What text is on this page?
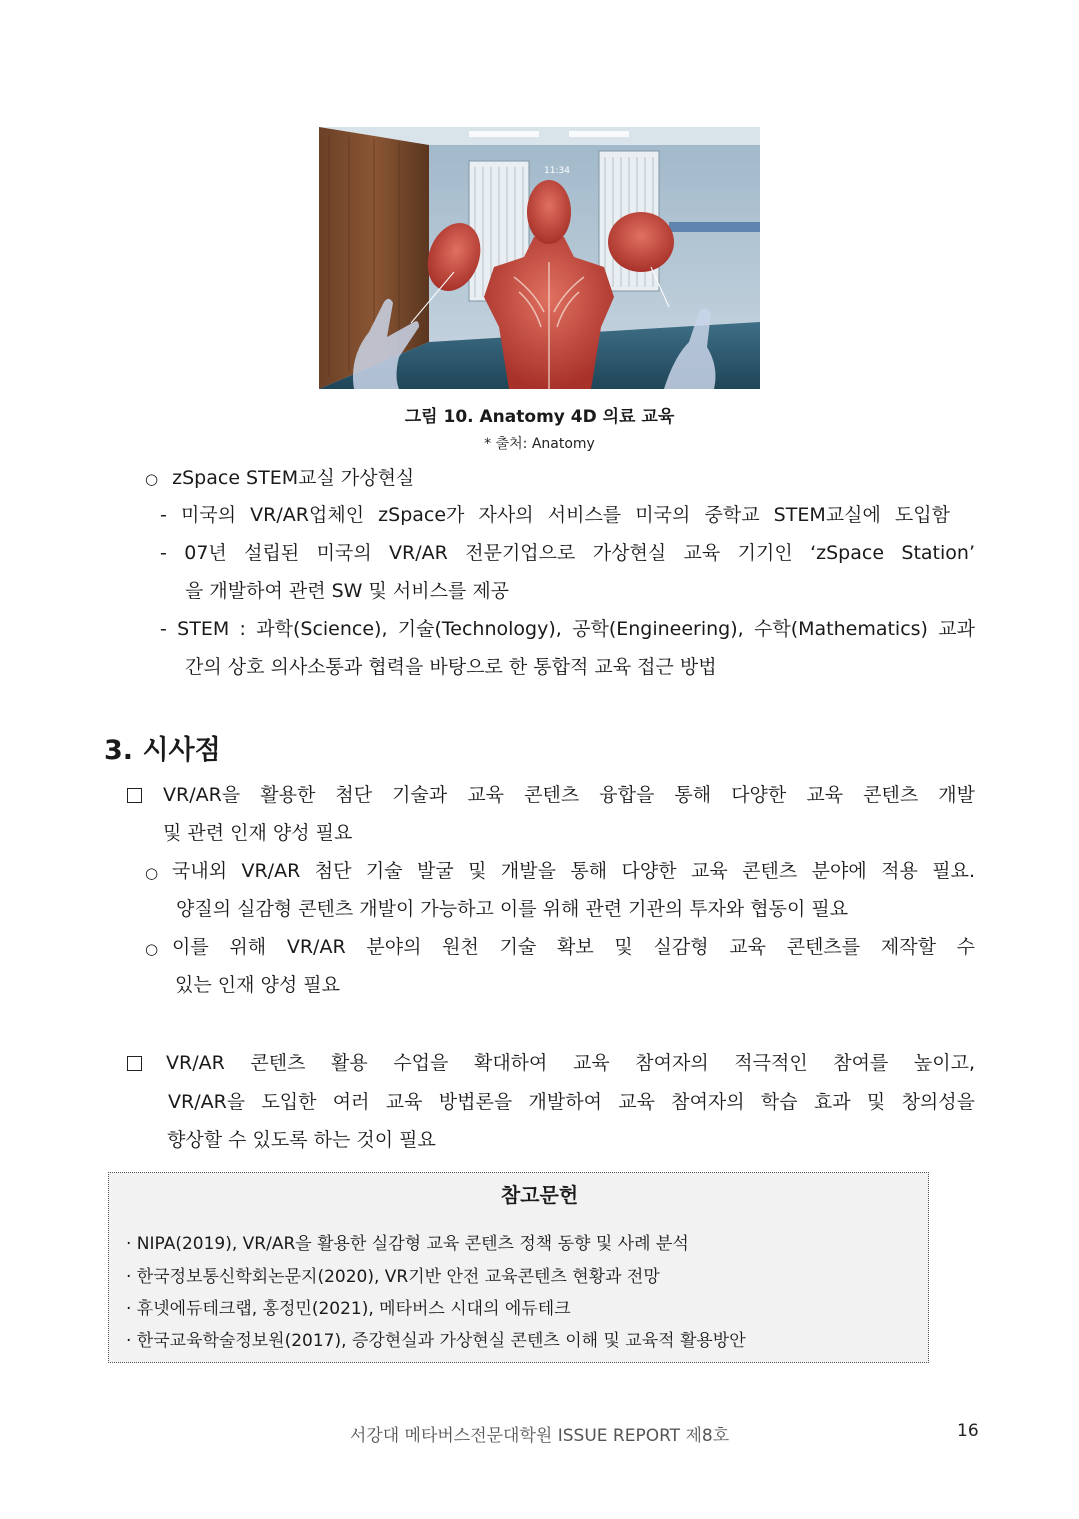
11:34
그림 10. Anatomy 4D 의료 교육
* 출처: Anatomy
○ zSpace STEM교실 가상현실
- 미국의 VR/AR업체인 zSpace가 자사의 서비스를 미국의 중학교 STEM교실에 도입함
- 07년 설립된 미국의 VR/AR 전문기업으로 가상현실 교육 기기인 ‘zSpace Station’
을 개발하여 관련 SW 및 서비스를 제공
- STEM : 과학(Science), 기술(Technology), 공학(Engineering), 수학(Mathematics) 교과
간의 상호 의사소통과 협력을 바탕으로 한 통합적 교육 접근 방법
3. 시사점
VR/AR을 활용한 첨단 기술과 교육 콘텐츠 융합을 통해 다양한 교육 콘텐츠 개발
및 관련 인재 양성 필요
○ 국내외 VR/AR 첨단 기술 발굴 및 개발을 통해 다양한 교육 콘텐츠 분야에 적용 필요.
양질의 실감형 콘텐츠 개발이 가능하고 이를 위해 관련 기관의 투자와 협동이 필요
○ 이를 위해 VR/AR 분야의 원천 기술 확보 및 실감형 교육 콘텐츠를 제작할 수
있는 인재 양성 필요
VR/AR 콘텐츠 활용 수업을 확대하여 교육 참여자의 적극적인 참여를 높이고,
VR/AR을 도입한 여러 교육 방법론을 개발하여 교육 참여자의 학습 효과 및 창의성을
향상할 수 있도록 하는 것이 필요
참고문헌
· NIPA(2019), VR/AR을 활용한 실감형 교육 콘텐츠 정책 동향 및 사례 분석
· 한국정보통신학회논문지(2020), VR기반 안전 교육콘텐츠 현황과 전망
· 휴넷에듀테크랩, 홍정민(2021), 메타버스 시대의 에듀테크
· 한국교육학술정보원(2017), 증강현실과 가상현실 콘텐츠 이해 및 교육적 활용방안
서강대 메타버스전문대학원 ISSUE REPORT 제8호	16
